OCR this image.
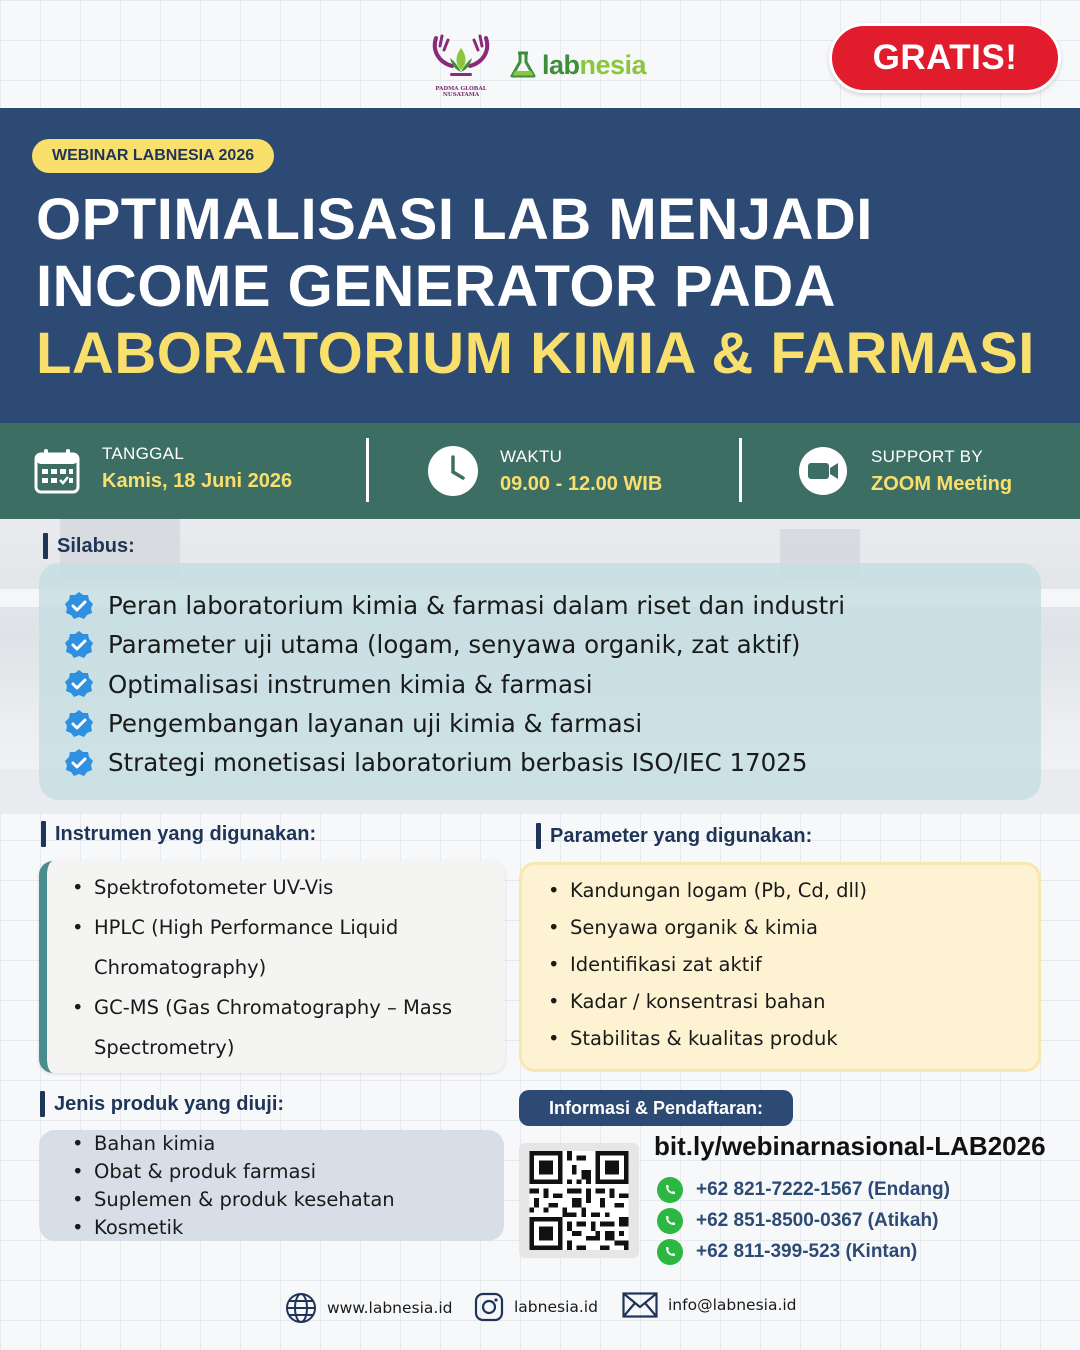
PADMA GLOBAL NUSATAMA
lab nesia	GRATIS!
WEBINAR LABNESIA 2026
OPTIMALISASI LAB MENJADI
INCOME GENERATOR PADA
LABORATORIUM KIMIA & FARMASI
TANGGAL
Kamis, 18 Juni 2026
WAKTU
09.00 - 12.00 WIB
SUPPORT BY
ZOOM Meeting
Silabus:
Peran laboratorium kimia & farmasi dalam riset dan industri
Parameter uji utama (logam, senyawa organik, zat aktif)
Optimalisasi instrumen kimia & farmasi
Pengembangan layanan uji kimia & farmasi
Strategi monetisasi laboratorium berbasis ISO/IEC 17025
Instrumen yang digunakan:
• Spektrofotometer UV-Vis
• HPLC (High Performance Liquid Chromatography)
• GC-MS (Gas Chromatography – Mass Spectrometry)
Parameter yang digunakan:
• Kandungan logam (Pb, Cd, dll)
• Senyawa organik & kimia
• Identifikasi zat aktif
• Kadar / konsentrasi bahan
• Stabilitas & kualitas produk
Jenis produk yang diuji:
• Bahan kimia
• Obat & produk farmasi
• Suplemen & produk kesehatan
• Kosmetik
Informasi & Pendaftaran:
bit.ly/webinarnasional-LAB2026
+62 821-7222-1567 (Endang)
+62 851-8500-0367 (Atikah)
+62 811-399-523 (Kintan)
www.labnesia.id	labnesia.id	info@labnesia.id
